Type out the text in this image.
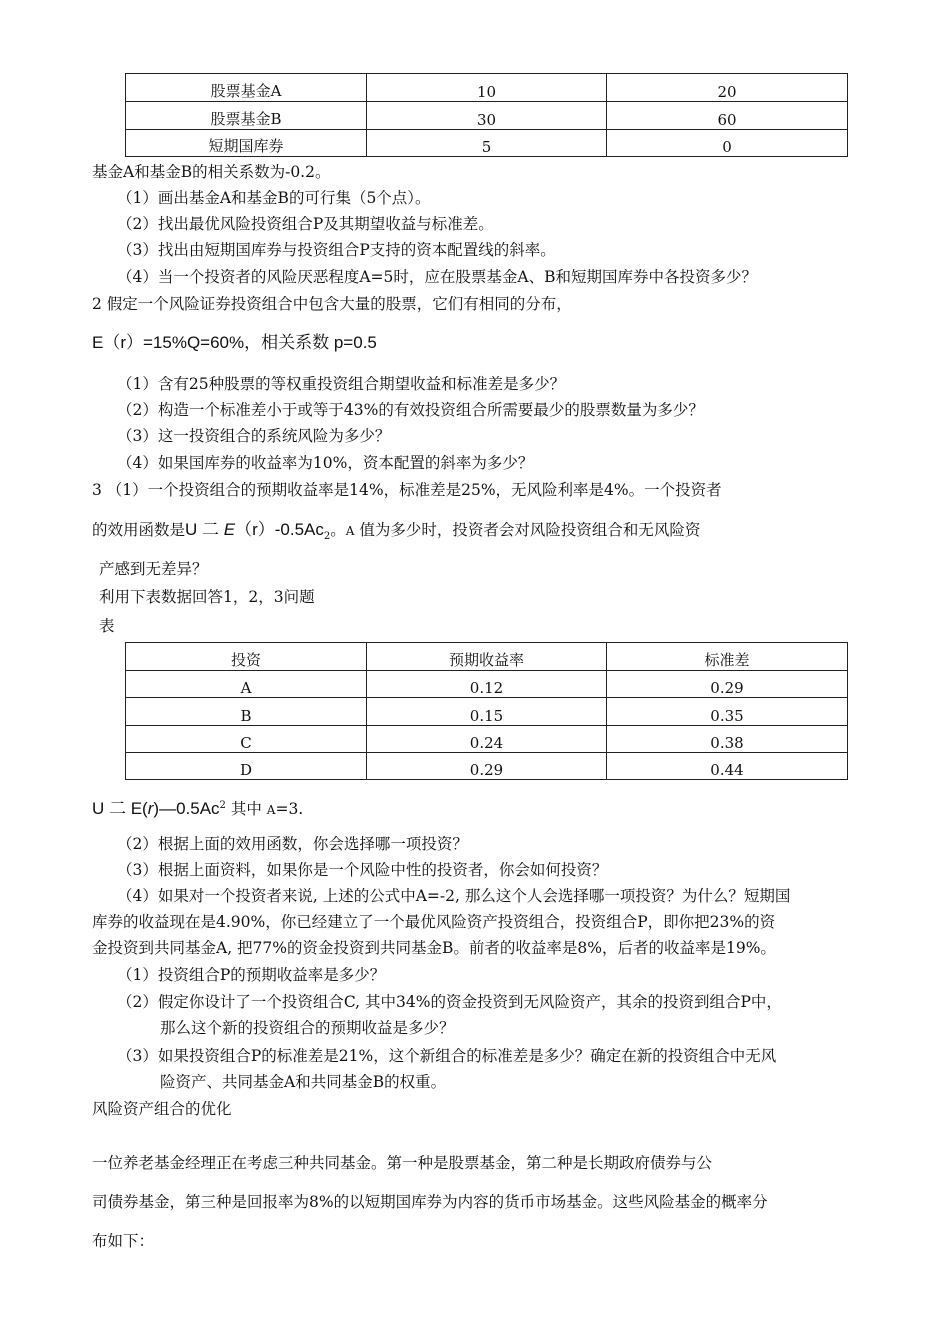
股票基金A	10	20
股票基金B	30	60
短期国库券	5	0
基金A和基金B的相关系数为-0.2。
（1）画出基金A和基金B的可行集（5个点）。
（2）找出最优风险投资组合P及其期望收益与标准差。
（3）找出由短期国库券与投资组合P支持的资本配置线的斜率。
（4）当一个投资者的风险厌恶程度A=5时，应在股票基金A、B和短期国库券中各投资多少？
2 假定一个风险证券投资组合中包含大量的股票，它们有相同的分布，
E（r）=15%Q=60%，相关系数 p=0.5
（1）含有25种股票的等权重投资组合期望收益和标准差是多少？
（2）构造一个标准差小于或等于43%的有效投资组合所需要最少的股票数量为多少？
（3）这一投资组合的系统风险为多少？
（4）如果国库券的收益率为10%，资本配置的斜率为多少？
3 （1）一个投资组合的预期收益率是14%，标准差是25%，无风险利率是4%。一个投资者
的效用函数是U 二 $E(r)-0.5Ac_2$。A 值为多少时，投资者会对风险投资组合和无风险资
产感到无差异？
利用下表数据回答1，2，3问题
表
投资	预期收益率	标准差
A	0.12	0.29
B	0.15	0.35
C	0.24	0.38
D	0.29	0.44
U 二 E(r)—0.5Ac$^2$ 其中 A=3.
（2）根据上面的效用函数，你会选择哪一项投资？
（3）根据上面资料，如果你是一个风险中性的投资者，你会如何投资？
（4）如果对一个投资者来说, 上述的公式中A=-2, 那么这个人会选择哪一项投资？为什么？短期国
库券的收益现在是4.90%，你已经建立了一个最优风险资产投资组合，投资组合P，即你把23%的资
金投资到共同基金A, 把77%的资金投资到共同基金B。前者的收益率是8%，后者的收益率是19%。
（1）投资组合P的预期收益率是多少？
（2）假定你设计了一个投资组合C, 其中34%的资金投资到无风险资产，其余的投资到组合P中，
那么这个新的投资组合的预期收益是多少？
（3）如果投资组合P的标准差是21%，这个新组合的标准差是多少？确定在新的投资组合中无风
险资产、共同基金A和共同基金B的权重。
风险资产组合的优化
一位养老基金经理正在考虑三种共同基金。第一种是股票基金，第二种是长期政府债券与公
司债券基金，第三种是回报率为8%的以短期国库券为内容的货币市场基金。这些风险基金的概率分
布如下：
